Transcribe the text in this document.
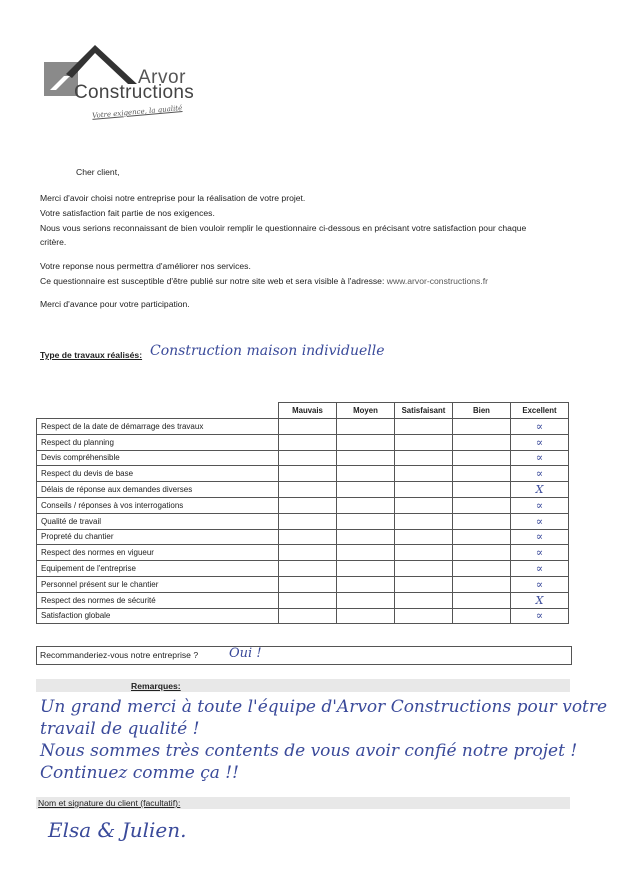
Arvor
Constructions
Votre exigence, la qualité
Cher client,
Merci d'avoir choisi notre entreprise pour la réalisation de votre projet.
Votre satisfaction fait partie de nos exigences.
Nous vous serions reconnaissant de bien vouloir remplir le questionnaire ci-dessous en précisant votre satisfaction pour chaque
critère.
Votre reponse nous permettra d'améliorer nos services.
Ce questionnaire est susceptible d'être publié sur notre site web et sera visible à l'adresse: www.arvor-constructions.fr
Merci d'avance pour votre participation.
Type de travaux réalisés: Construction maison individuelle
	Mauvais	Moyen	Satisfaisant	Bien	Excellent
Respect de la date de démarrage des travaux					∝
Respect du planning					∝
Devis compréhensible					∝
Respect du devis de base					∝
Délais de réponse aux demandes diverses					X
Conseils / réponses à vos interrogations					∝
Qualité de travail					∝
Propreté du chantier					∝
Respect des normes en vigueur					∝
Equipement de l'entreprise					∝
Personnel présent sur le chantier					∝
Respect des normes de sécurité					X
Satisfaction globale					∝
Recommanderiez-vous notre entreprise ? Oui !
Remarques:
Un grand merci à toute l'équipe d'Arvor Constructions pour votre
travail de qualité !
Nous sommes très contents de vous avoir confié notre projet !
Continuez comme ça !!
Nom et signature du client (facultatif):
Elsa & Julien.
